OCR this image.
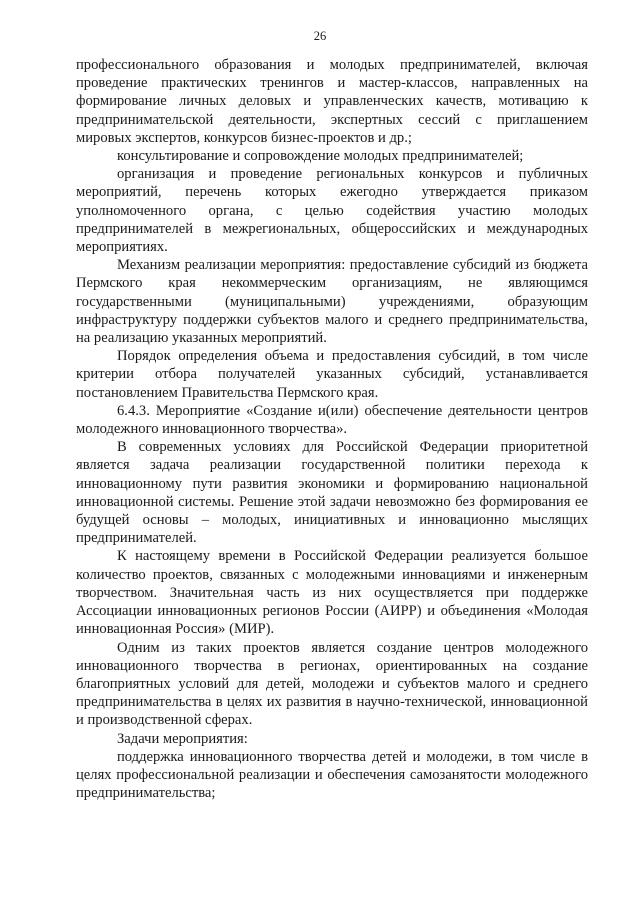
26

профессионального образования и молодых предпринимателей, включая проведение практических тренингов и мастер-классов, направленных на формирование личных деловых и управленческих качеств, мотивацию к предпринимательской деятельности, экспертных сессий с приглашением мировых экспертов, конкурсов бизнес-проектов и др.;

консультирование и сопровождение молодых предпринимателей;

организация и проведение региональных конкурсов и публичных мероприятий, перечень которых ежегодно утверждается приказом уполномоченного органа, с целью содействия участию молодых предпринимателей в межрегиональных, общероссийских и международных мероприятиях.

Механизм реализации мероприятия: предоставление субсидий из бюджета Пермского края некоммерческим организациям, не являющимся государственными (муниципальными) учреждениями, образующим инфраструктуру поддержки субъектов малого и среднего предпринимательства, на реализацию указанных мероприятий.

Порядок определения объема и предоставления субсидий, в том числе критерии отбора получателей указанных субсидий, устанавливается постановлением Правительства Пермского края.

6.4.3. Мероприятие «Создание и(или) обеспечение деятельности центров молодежного инновационного творчества».

В современных условиях для Российской Федерации приоритетной является задача реализации государственной политики перехода к инновационному пути развития экономики и формированию национальной инновационной системы. Решение этой задачи невозможно без формирования ее будущей основы – молодых, инициативных и инновационно мыслящих предпринимателей.

К настоящему времени в Российской Федерации реализуется большое количество проектов, связанных с молодежными инновациями и инженерным творчеством. Значительная часть из них осуществляется при поддержке Ассоциации инновационных регионов России (АИРР) и объединения «Молодая инновационная Россия» (МИР).

Одним из таких проектов является создание центров молодежного инновационного творчества в регионах, ориентированных на создание благоприятных условий для детей, молодежи и субъектов малого и среднего предпринимательства в целях их развития в научно-технической, инновационной и производственной сферах.

Задачи мероприятия:

поддержка инновационного творчества детей и молодежи, в том числе в целях профессиональной реализации и обеспечения самозанятости молодежного предпринимательства;
